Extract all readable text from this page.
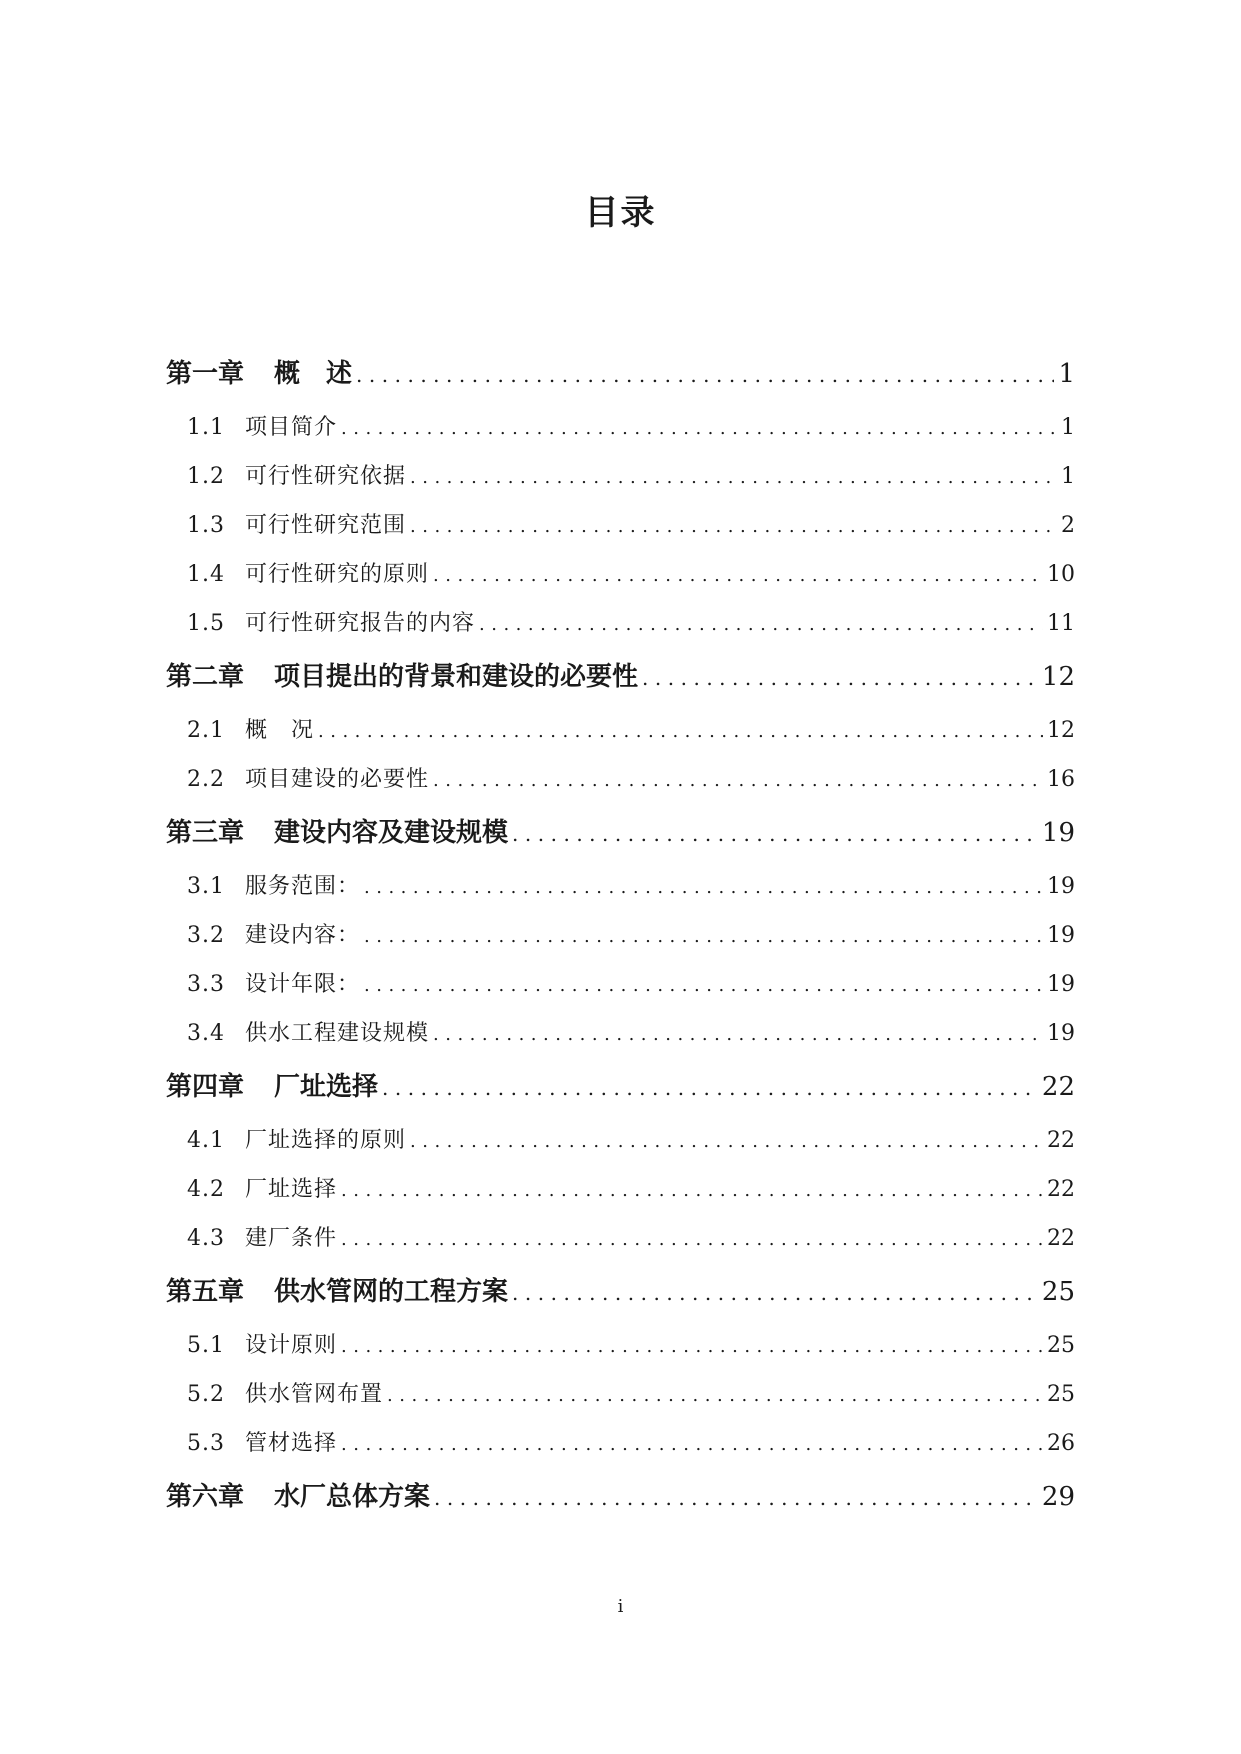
目录
第一章 概　述 .....	1
1.1 项目简介 .....	1
1.2 可行性研究依据 .....	1
1.3 可行性研究范围 .....	2
1.4 可行性研究的原则 .....	10
1.5 可行性研究报告的内容 .....	11
第二章 项目提出的背景和建设的必要性 .....	12
2.1 概　况 .....	12
2.2 项目建设的必要性 .....	16
第三章 建设内容及建设规模 .....	19
3.1 服务范围： .....	19
3.2 建设内容： .....	19
3.3 设计年限： .....	19
3.4 供水工程建设规模 .....	19
第四章 厂址选择 .....	22
4.1 厂址选择的原则 .....	22
4.2 厂址选择 .....	22
4.3 建厂条件 .....	22
第五章 供水管网的工程方案 .....	25
5.1 设计原则 .....	25
5.2 供水管网布置 .....	25
5.3 管材选择 .....	26
第六章 水厂总体方案 .....	29
i
